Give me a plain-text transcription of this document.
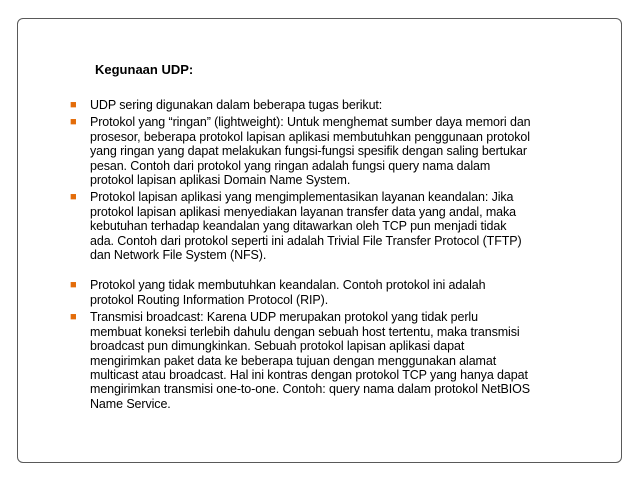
Kegunaan UDP:
■ UDP sering digunakan dalam beberapa tugas berikut:
■ Protokol yang “ringan” (lightweight): Untuk menghemat sumber daya memori dan
prosesor, beberapa protokol lapisan aplikasi membutuhkan penggunaan protokol
yang ringan yang dapat melakukan fungsi-fungsi spesifik dengan saling bertukar
pesan. Contoh dari protokol yang ringan adalah fungsi query nama dalam
protokol lapisan aplikasi Domain Name System.
■ Protokol lapisan aplikasi yang mengimplementasikan layanan keandalan: Jika
protokol lapisan aplikasi menyediakan layanan transfer data yang andal, maka
kebutuhan terhadap keandalan yang ditawarkan oleh TCP pun menjadi tidak
ada. Contoh dari protokol seperti ini adalah Trivial File Transfer Protocol (TFTP)
dan Network File System (NFS).
■ Protokol yang tidak membutuhkan keandalan. Contoh protokol ini adalah
protokol Routing Information Protocol (RIP).
■ Transmisi broadcast: Karena UDP merupakan protokol yang tidak perlu
membuat koneksi terlebih dahulu dengan sebuah host tertentu, maka transmisi
broadcast pun dimungkinkan. Sebuah protokol lapisan aplikasi dapat
mengirimkan paket data ke beberapa tujuan dengan menggunakan alamat
multicast atau broadcast. Hal ini kontras dengan protokol TCP yang hanya dapat
mengirimkan transmisi one-to-one. Contoh: query nama dalam protokol NetBIOS
Name Service.
